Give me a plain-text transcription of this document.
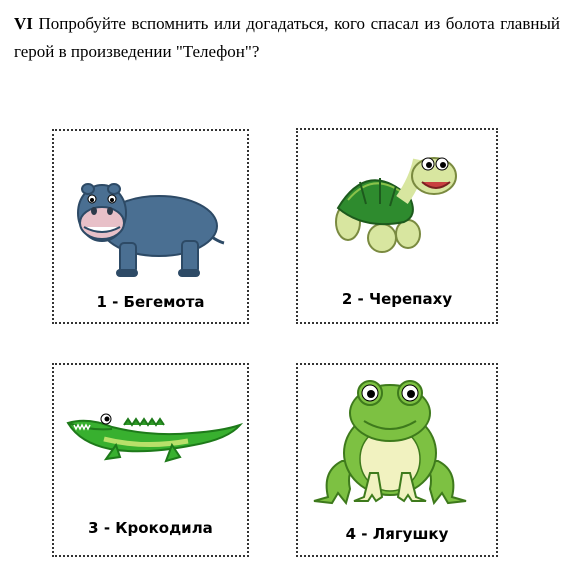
VI Попробуйте вспомнить или догадаться, кого спасал из болота главный герой в произведении "Телефон"?
1 - Бегемота	2 - Черепаху
3 - Крокодила	4 - Лягушку
